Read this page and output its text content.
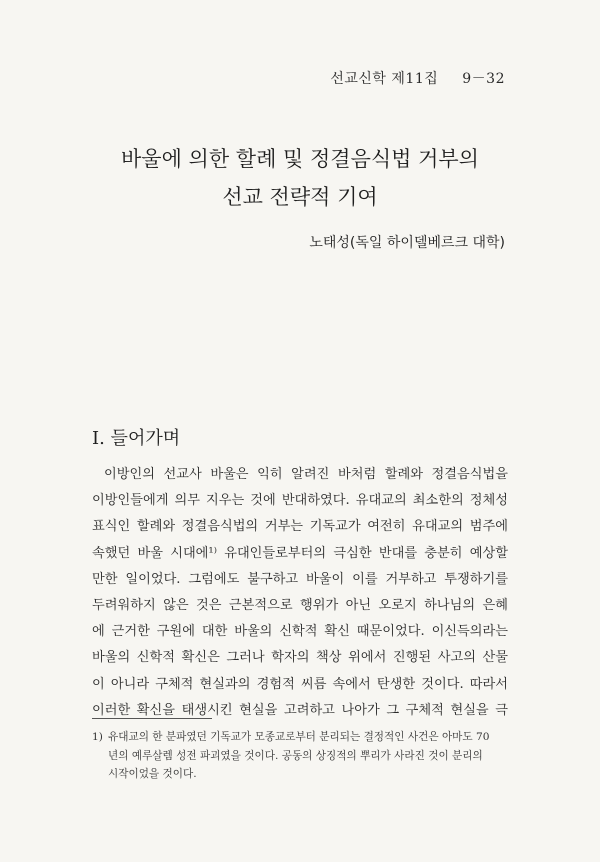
선교신학 제11집 9－32
바울에 의한 할례 및 정결음식법 거부의
선교 전략적 기여
노태성(독일 하이델베르크 대학)
I. 들어가며
이방인의 선교사 바울은 익히 알려진 바처럼 할례와 정결음식법을
이방인들에게 의무 지우는 것에 반대하였다. 유대교의 최소한의 정체성
표식인 할례와 정결음식법의 거부는 기독교가 여전히 유대교의 범주에
속했던 바울 시대에¹⁾ 유대인들로부터의 극심한 반대를 충분히 예상할
만한 일이었다. 그럼에도 불구하고 바울이 이를 거부하고 투쟁하기를
두려워하지 않은 것은 근본적으로 행위가 아닌 오로지 하나님의 은혜
에 근거한 구원에 대한 바울의 신학적 확신 때문이었다. 이신득의라는
바울의 신학적 확신은 그러나 학자의 책상 위에서 진행된 사고의 산물
이 아니라 구체적 현실과의 경험적 씨름 속에서 탄생한 것이다. 따라서
이러한 확신을 태생시킨 현실을 고려하고 나아가 그 구체적 현실을 극
1) 유대교의 한 분파였던 기독교가 모종교로부터 분리되는 결정적인 사건은 아마도 70
년의 예루살렘 성전 파괴였을 것이다. 공동의 상징적의 뿌리가 사라진 것이 분리의
시작이었을 것이다.
